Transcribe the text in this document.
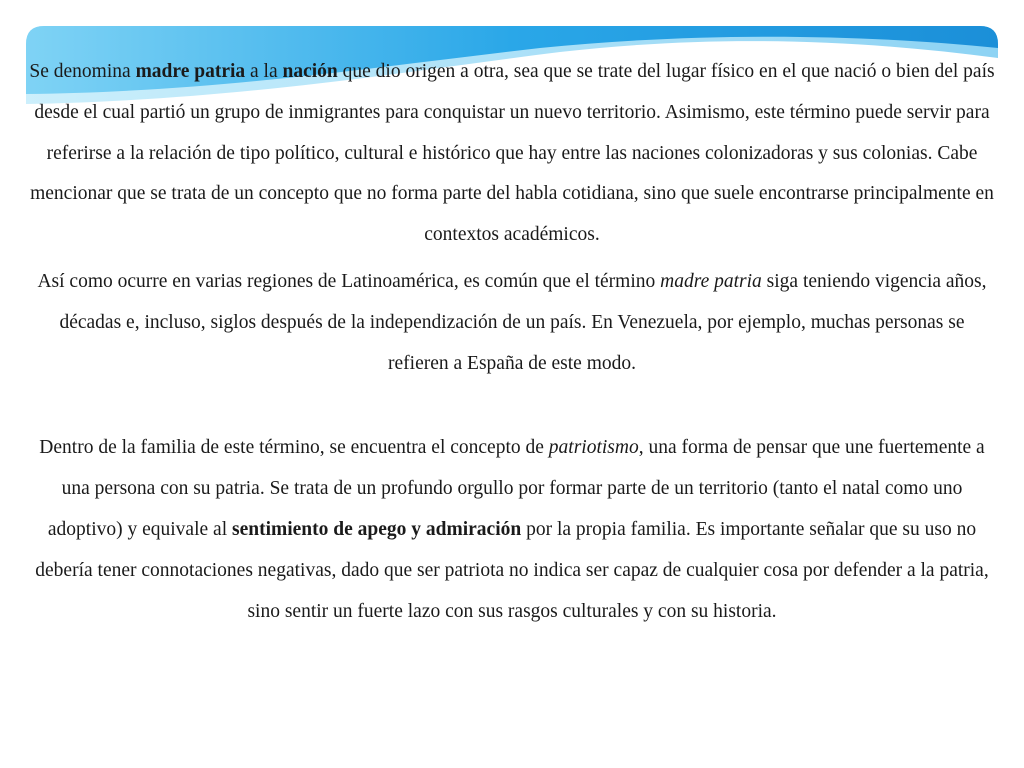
Se denomina madre patria a la nación que dio origen a otra, sea que se trate del lugar físico en el que nació o bien del país desde el cual partió un grupo de inmigrantes para conquistar un nuevo territorio. Asimismo, este término puede servir para referirse a la relación de tipo político, cultural e histórico que hay entre las naciones colonizadoras y sus colonias. Cabe mencionar que se trata de un concepto que no forma parte del habla cotidiana, sino que suele encontrarse principalmente en contextos académicos.

Así como ocurre en varias regiones de Latinoamérica, es común que el término madre patria siga teniendo vigencia años, décadas e, incluso, siglos después de la independización de un país. En Venezuela, por ejemplo, muchas personas se refieren a España de este modo.

Dentro de la familia de este término, se encuentra el concepto de patriotismo, una forma de pensar que une fuertemente a una persona con su patria. Se trata de un profundo orgullo por formar parte de un territorio (tanto el natal como uno adoptivo) y equivale al sentimiento de apego y admiración por la propia familia. Es importante señalar que su uso no debería tener connotaciones negativas, dado que ser patriota no indica ser capaz de cualquier cosa por defender a la patria, sino sentir un fuerte lazo con sus rasgos culturales y con su historia.
